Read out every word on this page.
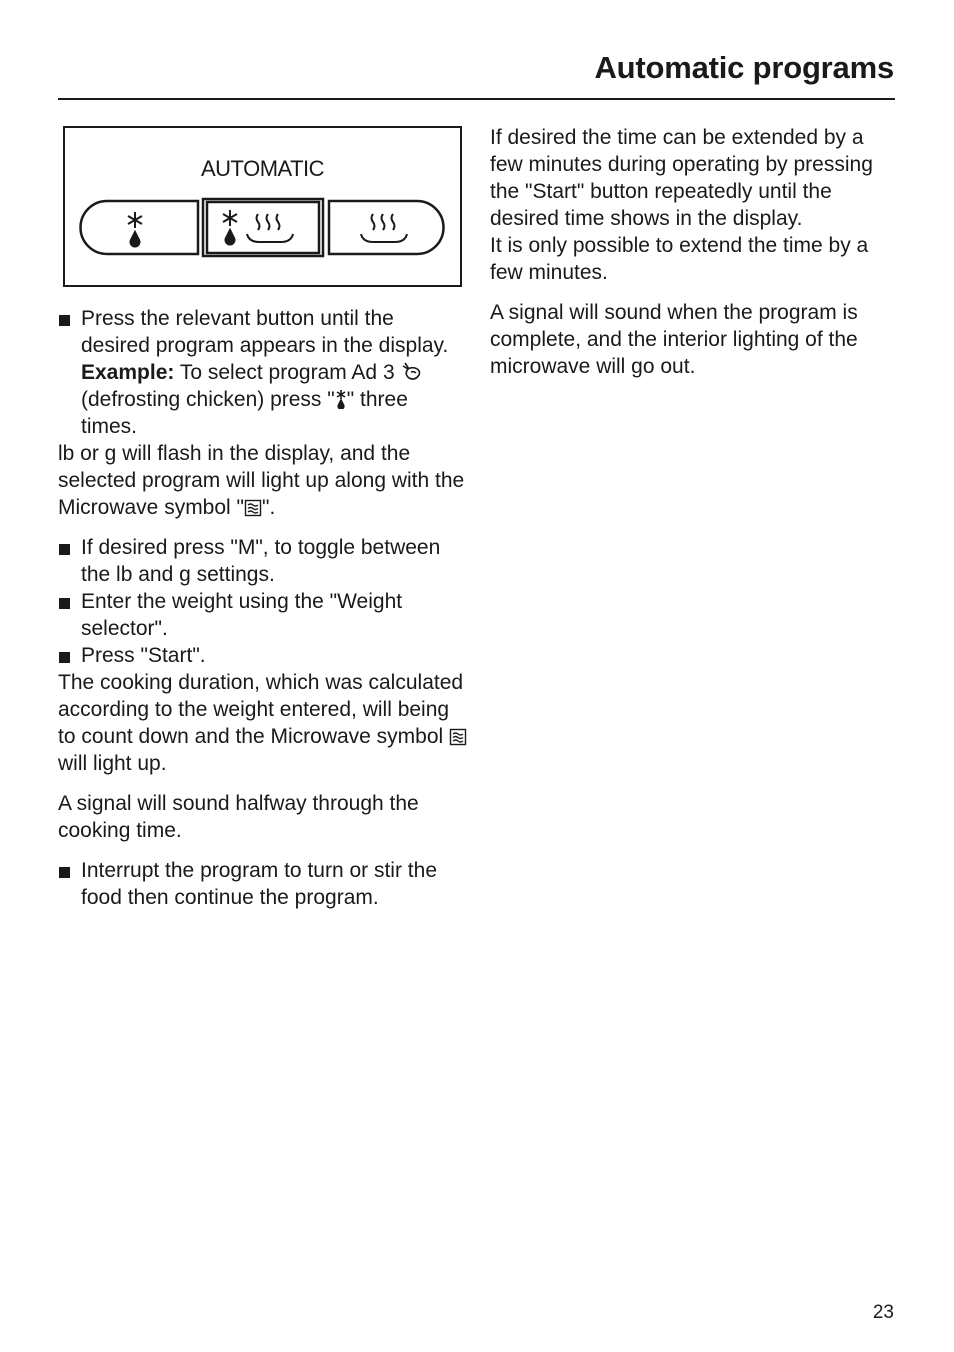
Automatic programs
AUTOMATIC
Press the relevant button until the desired program appears in the display.
Example: To select program Ad 3
(defrosting chicken) press " " three times.

lb or g will flash in the display, and the selected program will light up along with the Microwave symbol " ".

If desired press "M", to toggle between the lb and g settings.
Enter the weight using the "Weight selector".
Press "Start".

The cooking duration, which was calculated according to the weight entered, will being to count down and the Microwave symbol  will light up.

A signal will sound halfway through the cooking time.

Interrupt the program to turn or stir the food then continue the program.

If desired the time can be extended by a few minutes during operating by pressing the "Start" button repeatedly until the desired time shows in the display.

It is only possible to extend the time by a few minutes.

A signal will sound when the program is complete, and the interior lighting of the microwave will go out.

23
